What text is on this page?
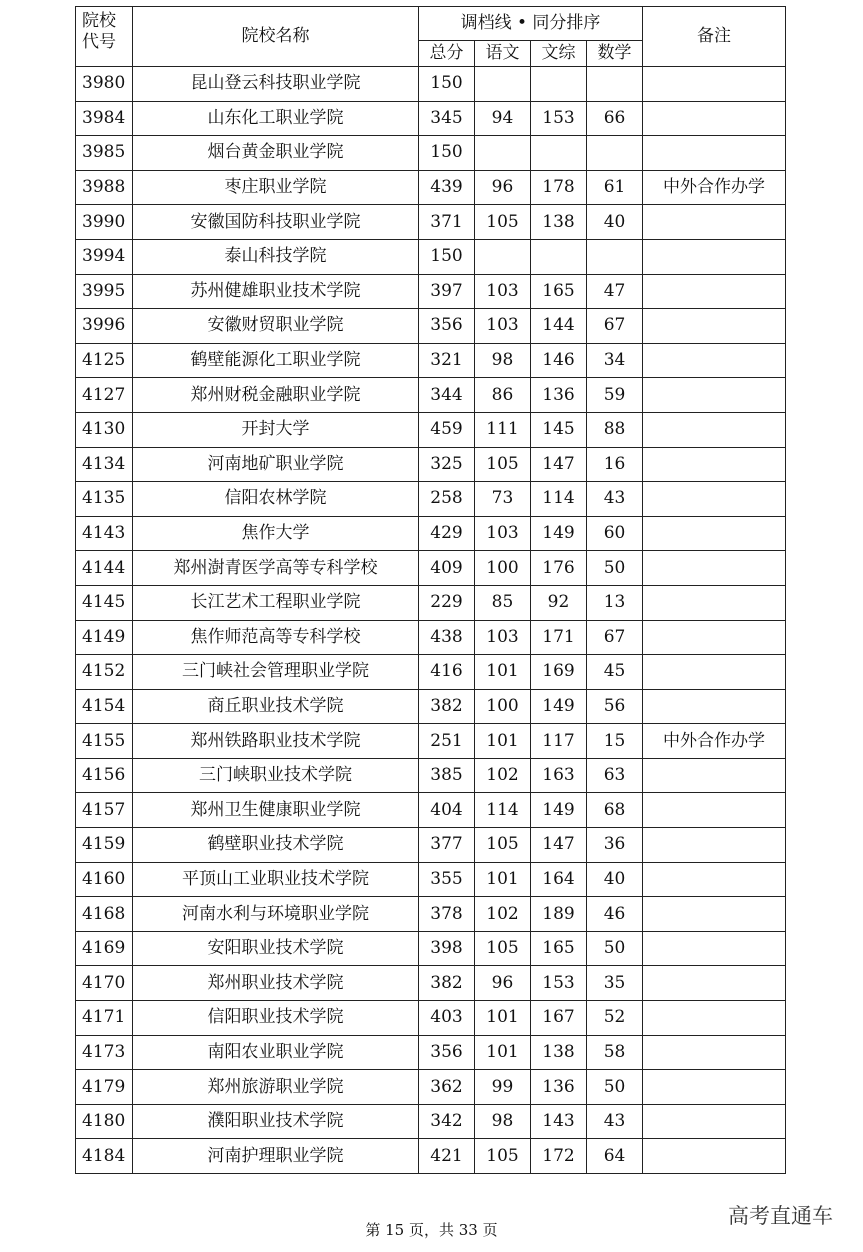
院校
代号	院校名称	调档线 • 同分排序				备注
		总分	语文	文综	数学	
3980	昆山登云科技职业学院	150				
3984	山东化工职业学院	345	94	153	66	
3985	烟台黄金职业学院	150				
3988	枣庄职业学院	439	96	178	61	中外合作办学
3990	安徽国防科技职业学院	371	105	138	40	
3994	泰山科技学院	150				
3995	苏州健雄职业技术学院	397	103	165	47	
3996	安徽财贸职业学院	356	103	144	67	
4125	鹤壁能源化工职业学院	321	98	146	34	
4127	郑州财税金融职业学院	344	86	136	59	
4130	开封大学	459	111	145	88	
4134	河南地矿职业学院	325	105	147	16	
4135	信阳农林学院	258	73	114	43	
4143	焦作大学	429	103	149	60	
4144	郑州澍青医学高等专科学校	409	100	176	50	
4145	长江艺术工程职业学院	229	85	92	13	
4149	焦作师范高等专科学校	438	103	171	67	
4152	三门峡社会管理职业学院	416	101	169	45	
4154	商丘职业技术学院	382	100	149	56	
4155	郑州铁路职业技术学院	251	101	117	15	中外合作办学
4156	三门峡职业技术学院	385	102	163	63	
4157	郑州卫生健康职业学院	404	114	149	68	
4159	鹤壁职业技术学院	377	105	147	36	
4160	平顶山工业职业技术学院	355	101	164	40	
4168	河南水利与环境职业学院	378	102	189	46	
4169	安阳职业技术学院	398	105	165	50	
4170	郑州职业技术学院	382	96	153	35	
4171	信阳职业技术学院	403	101	167	52	
4173	南阳农业职业学院	356	101	138	58	
4179	郑州旅游职业学院	362	99	136	50	
4180	濮阳职业技术学院	342	98	143	43	
4184	河南护理职业学院	421	105	172	64	
第 15 页，共 33 页
高考直通车
